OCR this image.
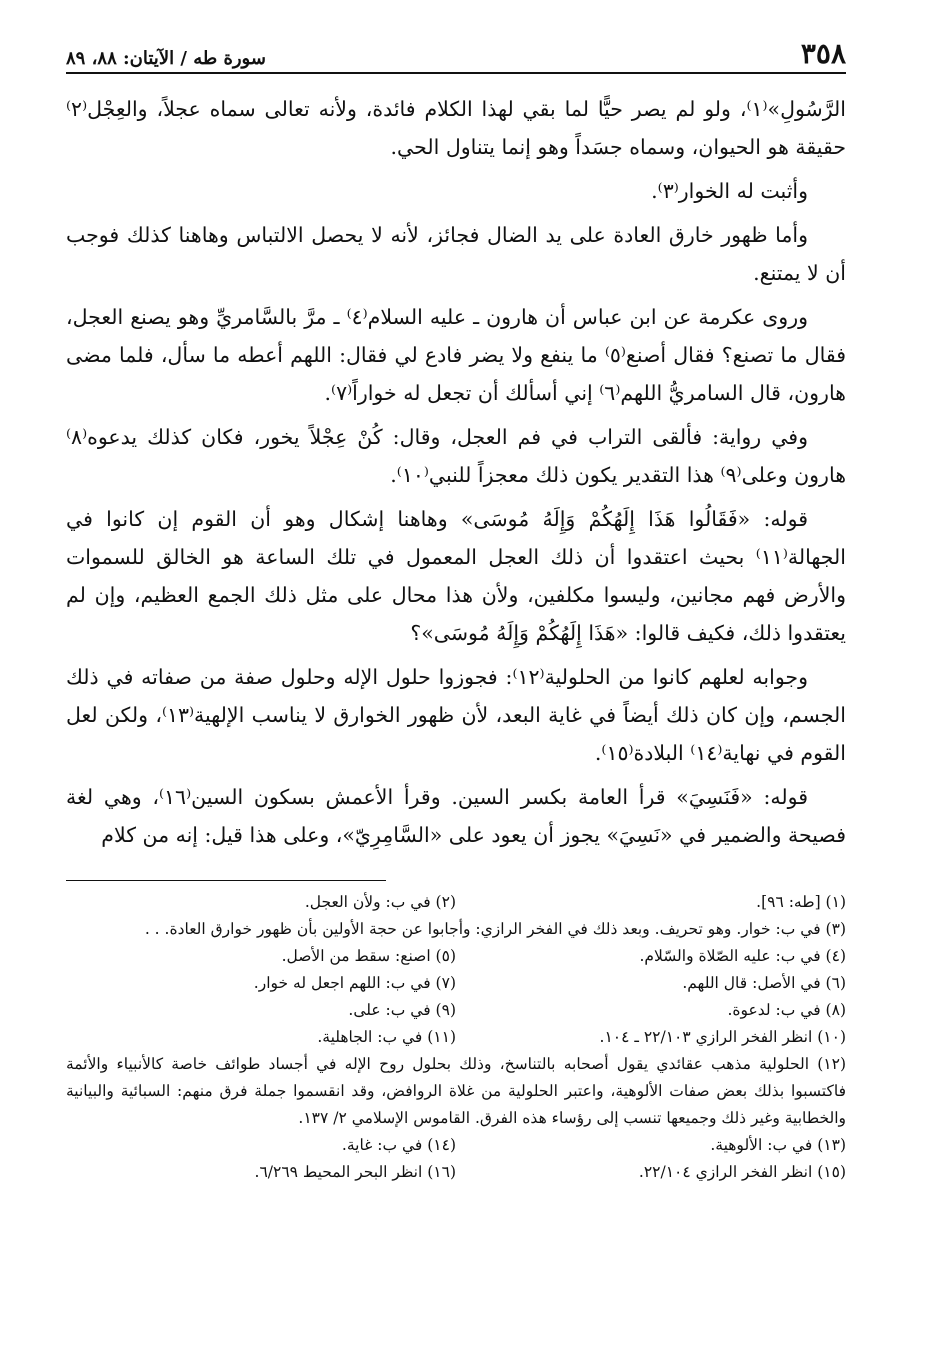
٣٥٨
سورة طه / الآيتان: ٨٨، ٨٩

الرَّسُولِ»⁽١⁾، ولو لم يصر حيًّا لما بقي لهذا الكلام فائدة، ولأنه تعالى سماه عجلاً، والعِجْل⁽٢⁾ حقيقة هو الحيوان، وسماه جسَداً وهو إنما يتناول الحي.

وأثبت له الخوار⁽٣⁾.

وأما ظهور خارق العادة على يد الضال فجائز، لأنه لا يحصل الالتباس وهاهنا كذلك فوجب أن لا يمتنع.

وروى عكرمة عن ابن عباس أن هارون ـ عليه السلام⁽٤⁾ ـ مرَّ بالسَّامريِّ وهو يصنع العجل، فقال ما تصنع؟ فقال أصنع⁽٥⁾ ما ينفع ولا يضر فادع لي فقال: اللهم أعطه ما سأل، فلما مضى هارون، قال السامريُّ اللهم⁽٦⁾ إني أسألك أن تجعل له خواراً⁽٧⁾.

وفي رواية: فألقى التراب في فم العجل، وقال: كُنْ عِجْلاً يخور، فكان كذلك يدعوه⁽٨⁾ هارون وعلى⁽٩⁾ هذا التقدير يكون ذلك معجزاً للنبي⁽١٠⁾.

قوله: «فَقَالُوا هَذَا إِلَهُكُمْ وَإِلَهُ مُوسَى» وهاهنا إشكال وهو أن القوم إن كانوا في الجهالة⁽١١⁾ بحيث اعتقدوا أن ذلك العجل المعمول في تلك الساعة هو الخالق للسموات والأرض فهم مجانين، وليسوا مكلفين، ولأن هذا محال على مثل ذلك الجمع العظيم، وإن لم يعتقدوا ذلك، فكيف قالوا: «هَذَا إِلَهُكُمْ وَإِلَهُ مُوسَى»؟

وجوابه لعلهم كانوا من الحلولية⁽١٢⁾: فجوزوا حلول الإله وحلول صفة من صفاته في ذلك الجسم، وإن كان ذلك أيضاً في غاية البعد، لأن ظهور الخوارق لا يناسب الإلهية⁽١٣⁾، ولكن لعل القوم في نهاية⁽١٤⁾ البلادة⁽١٥⁾.

قوله: «فَنَسِيَ» قرأ العامة بكسر السين. وقرأ الأعمش بسكون السين⁽١٦⁾، وهي لغة فصيحة والضمير في «نَسِيَ» يجوز أن يعود على «السَّامِرِيّ»، وعلى هذا قيل: إنه من كلام

(١) [طه: ٩٦].
(٢) في ب: ولأن العجل.
(٣) في ب: خوار. وهو تحريف. وبعد ذلك في الفخر الرازي: وأجابوا عن حجة الأولين بأن ظهور خوارق العادة. . .
(٤) في ب: عليه الصّلاة والسّلام.
(٥) اصنع: سقط من الأصل.
(٦) في الأصل: قال اللهم.
(٧) في ب: اللهم اجعل له خوار.
(٨) في ب: لدعوة.
(٩) في ب: على.
(١٠) انظر الفخر الرازي ٢٢/١٠٣ ـ ١٠٤.
(١١) في ب: الجاهلية.
(١٢) الحلولية مذهب عقائدي يقول أصحابه بالتناسخ، وذلك بحلول روح الإله في أجساد طوائف خاصة كالأنبياء والأئمة فاكتسبوا بذلك بعض صفات الألوهية، واعتبر الحلولية من غلاة الروافض، وقد انقسموا جملة فرق منهم: السبائية والبيانية والخطابية وغير ذلك وجميعها تنسب إلى رؤساء هذه الفرق. القاموس الإسلامي ٢/ ١٣٧.
(١٣) في ب: الألوهية.
(١٤) في ب: غاية.
(١٥) انظر الفخر الرازي ٢٢/١٠٤.
(١٦) انظر البحر المحيط ٦/٢٦٩.
